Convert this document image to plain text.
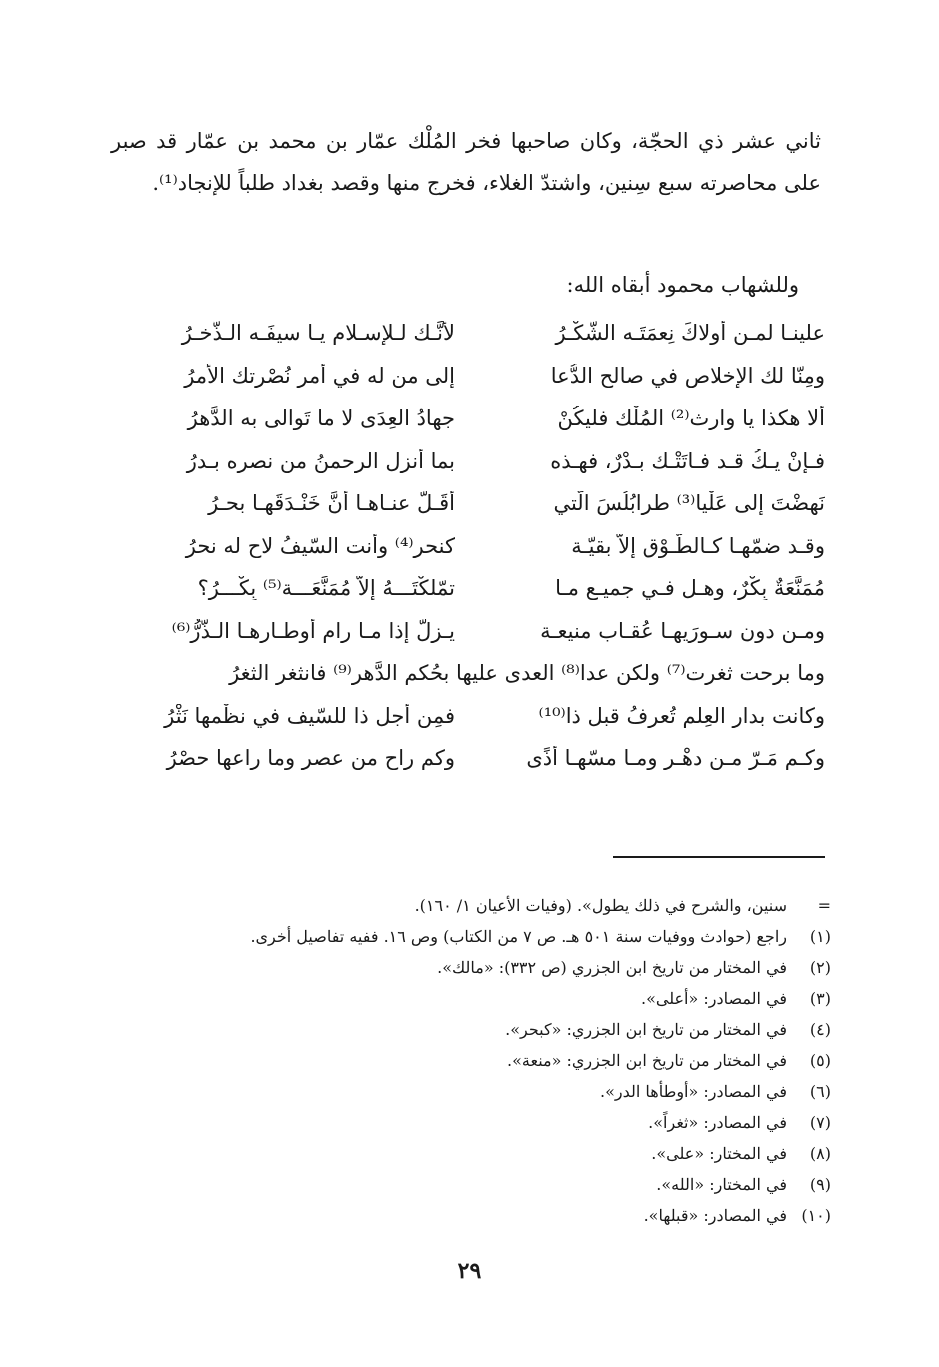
ثاني عشر ذي الحجّة، وكان صاحبها فخر المُلْك عمّار بن محمد بن عمّار قد صبر على محاصرته سبع سِنين، واشتدّ الغلاء، فخرج منها وقصد بغداد طلباً للإنجاد⁽¹⁾.

وللشهاب محمود أبقاه الله:
علينـا لمـن أولاكَ نِعمَتَـه الشُّكْـرُ
لأنَّـك لـلإسـلام يـا سيفَـه الـذُّخـرُ
ومِنّا لك الإخلاص في صالح الدُّعا
إلى من له في أمر نُصْرتك الأمرُ
ألا هكذا يا وارث⁽²⁾ المُلْك فليكُنْ
جهادُ العِدَى لا ما تَوالى به الدَّهرُ
فـإنْ يـكُ قـد فـاتَتْـك بـدْرٌ، فهـذه
بما أنزل الرحمنُ من نصره بـدرُ
نَهضْتَ إلى عَلْيا⁽³⁾ طرابُلُسَ الّتي
أقَـلّ عنـاهـا أنَّ خَنْـدَقَهـا بحـرُ
وقـد ضمّهـا كـالطَّـوْق إلاّ بقيّـة
كنحرٍ⁽⁴⁾ وأنت السّيفُ لاح له نحرُ
مُمَنَّعَةٌ بِكْرٌ، وهـل فـي جميـع مـا
تمّلكْتَـــهُ إلاّ مُمَنَّعَـــة⁽⁵⁾ بِكْـــرُ؟
ومـن دون سـورَيهـا عُقـاب منيعـة
يـزلّ إذا مـا رام أوطـارهـا الـذَّرُّ⁽⁶⁾
وما برحت ثغرت⁽⁷⁾ ولكن عدا⁽⁸⁾ العدى عليها بحُكم الدَّهر⁽⁹⁾ فانثغر الثغرُ
وكانت بدار العِلم تُعرفُ قبل ذا⁽¹⁰⁾
فمِن أجل ذا للسّيف في نظْمها نَثْرُ
وكـم مَـرّ مـن دهْـرٍ ومـا مسّهـا أذًى
وكم راح من عصرٍ وما راعها حصْرُ
=
سنين، والشرح في ذلك يطول». (وفيات الأعيان ١/ ١٦٠).
(١)
راجع (حوادث ووفيات سنة ٥٠١ هـ. ص ٧ من الكتاب) وص ١٦. ففيه تفاصيل أخرى.
(٢)
في المختار من تاريخ ابن الجزري (ص ٣٣٢): «مالك».
(٣)
في المصادر: «أعلى».
(٤)
في المختار من تاريخ ابن الجزري: «كبحر».
(٥)
في المختار من تاريخ ابن الجزري: «منعة».
(٦)
في المصادر: «أوطأها الدر».
(٧)
في المصادر: «ثغراً».
(٨)
في المختار: «على».
(٩)
في المختار: «الله».
(١٠)
في المصادر: «قبلها».
٢٩
